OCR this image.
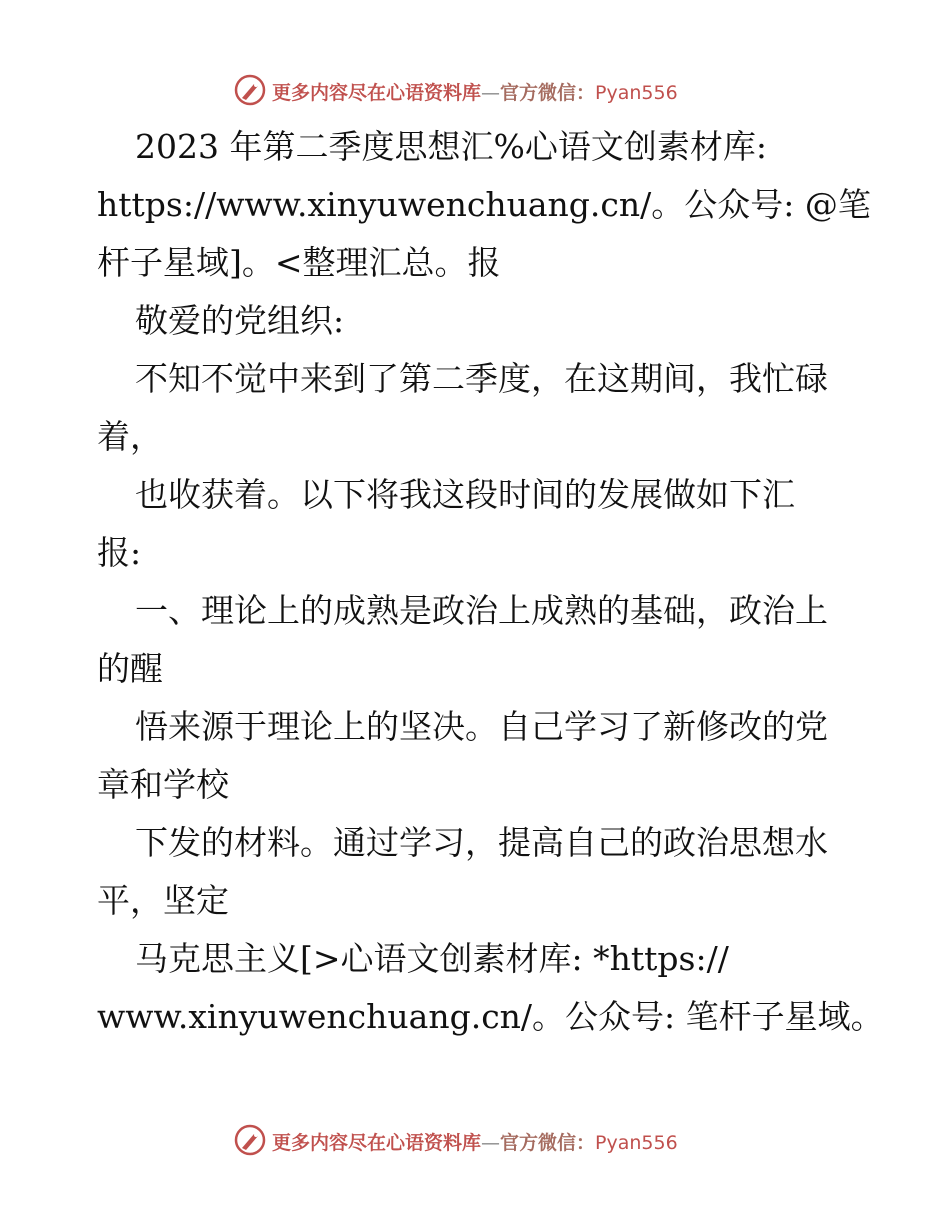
更多内容尽在心语资料库—官方微信：Pyan556
2023 年第二季度思想汇%心语文创素材库:
https://www.xinyuwenchuang.cn/。公众号: @笔
杆子星域]。<整理汇总。报
敬爱的党组织:
不知不觉中来到了第二季度，在这期间，我忙碌
着，
也收获着。以下将我这段时间的发展做如下汇
报:
一、理论上的成熟是政治上成熟的基础，政治上
的醒
悟来源于理论上的坚决。自己学习了新修改的党
章和学校
下发的材料。通过学习，提高自己的政治思想水
平，坚定
马克思主义[>心语文创素材库: *https://
www.xinyuwenchuang.cn/。公众号: 笔杆子星域。
更多内容尽在心语资料库—官方微信：Pyan556
